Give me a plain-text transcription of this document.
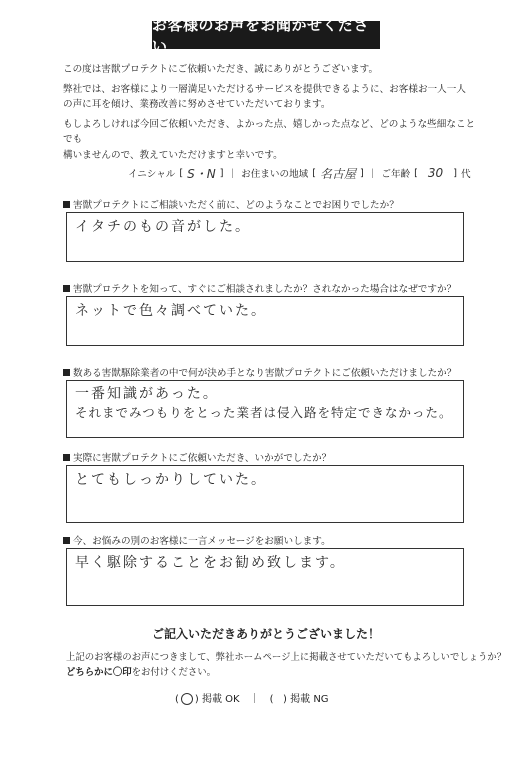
お客様のお声をお聞かせください

この度は害獣プロテクトにご依頼いただき、誠にありがとうございます。

弊社では、お客様により一層満足いただけるサービスを提供できるように、お客様お一人一人
の声に耳を傾け、業務改善に努めさせていただいております。

もしよろしければ今回ご依頼いただき、よかった点、嬉しかった点など、どのような些細なことでも
構いませんので、教えていただけますと幸いです。

イニシャル [ S・N ] ｜ お住まいの地域 [ 名古屋 ] ｜ ご年齢 [ 30	] 代
害獣プロテクトにご相談いただく前に、どのようなことでお困りでしたか？
イタチのもの音がした。
害獣プロテクトを知って、すぐにご相談されましたか？されなかった場合はなぜですか？
ネットで色々調べていた。
数ある害獣駆除業者の中で何が決め手となり害獣プロテクトにご依頼いただけましたか？
一番知識があった。
それまでみつもりをとった業者は侵入路を特定できなかった。
実際に害獣プロテクトにご依頼いただき、いかがでしたか？
とてもしっかりしていた。
今、お悩みの別のお客様に一言メッセージをお願いします。
早く駆除することをお勧め致します。
ご記入いただきありがとうございました！
上記のお客様のお声につきまして、弊社ホームページ上に掲載させていただいてもよろしいでしょうか？
どちらかに〇印をお付けください。
( ) 掲載 OK ｜ (   ) 掲載 NG
